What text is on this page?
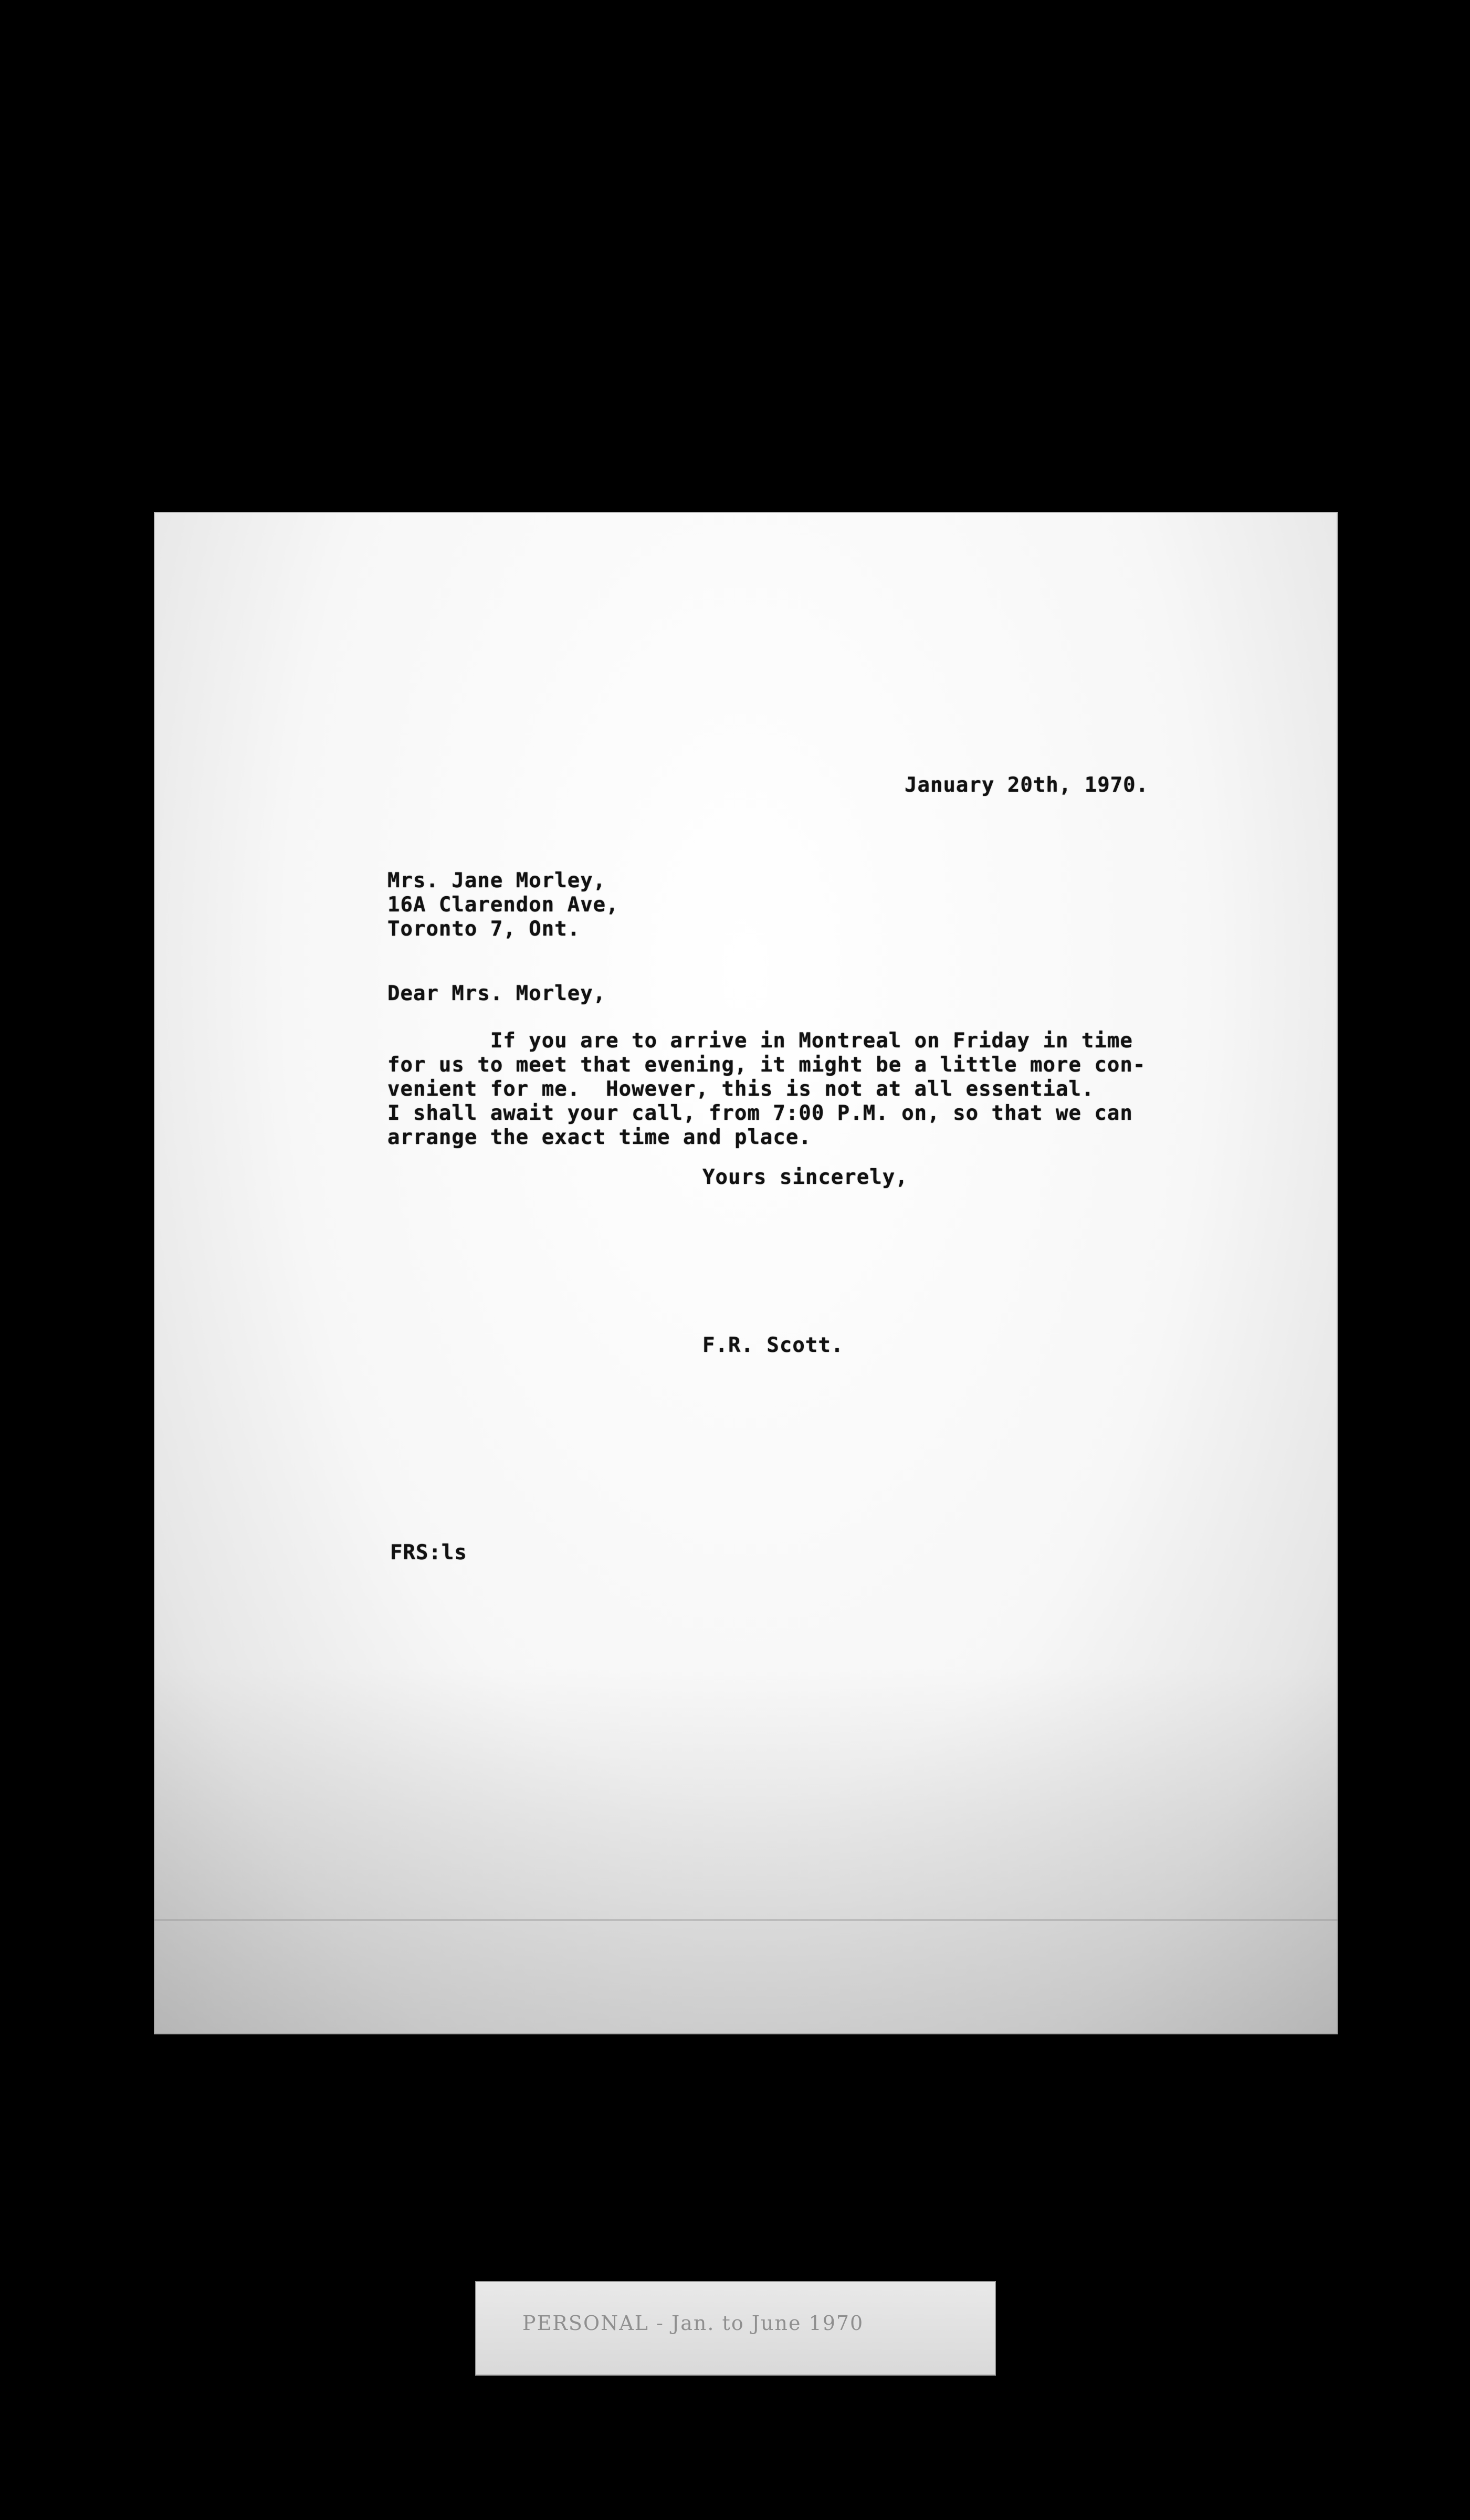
January 20th, 1970.
Mrs. Jane Morley,
16A Clarendon Ave,
Toronto 7, Ont.
Dear Mrs. Morley,
If you are to arrive in Montreal on Friday in time
for us to meet that evening, it might be a little more con-
venient for me.  However, this is not at all essential.
I shall await your call, from 7:00 P.M. on, so that we can
arrange the exact time and place.
Yours sincerely,
F.R. Scott.
FRS:ls
PERSONAL - Jan. to June 1970
